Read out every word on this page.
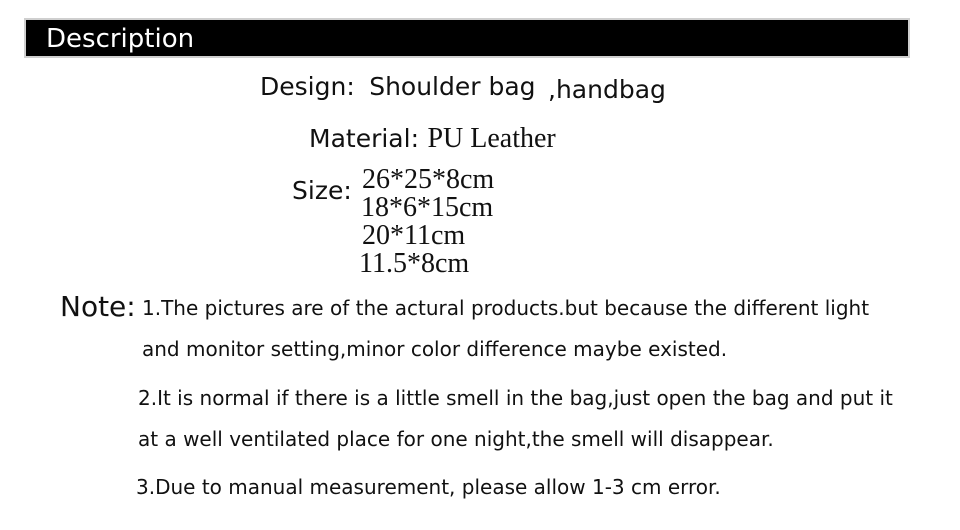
Description
Design: Shoulder bag ,handbag
Material: PU Leather
Size: 26*25*8cm
18*6*15cm
20*11cm
11.5*8cm
Note: 1.The pictures are of the actural products.but because the different light
and monitor setting,minor color difference maybe existed.
2.It is normal if there is a little smell in the bag,just open the bag and put it
at a well ventilated place for one night,the smell will disappear.
3.Due to manual measurement, please allow 1-3 cm error.
